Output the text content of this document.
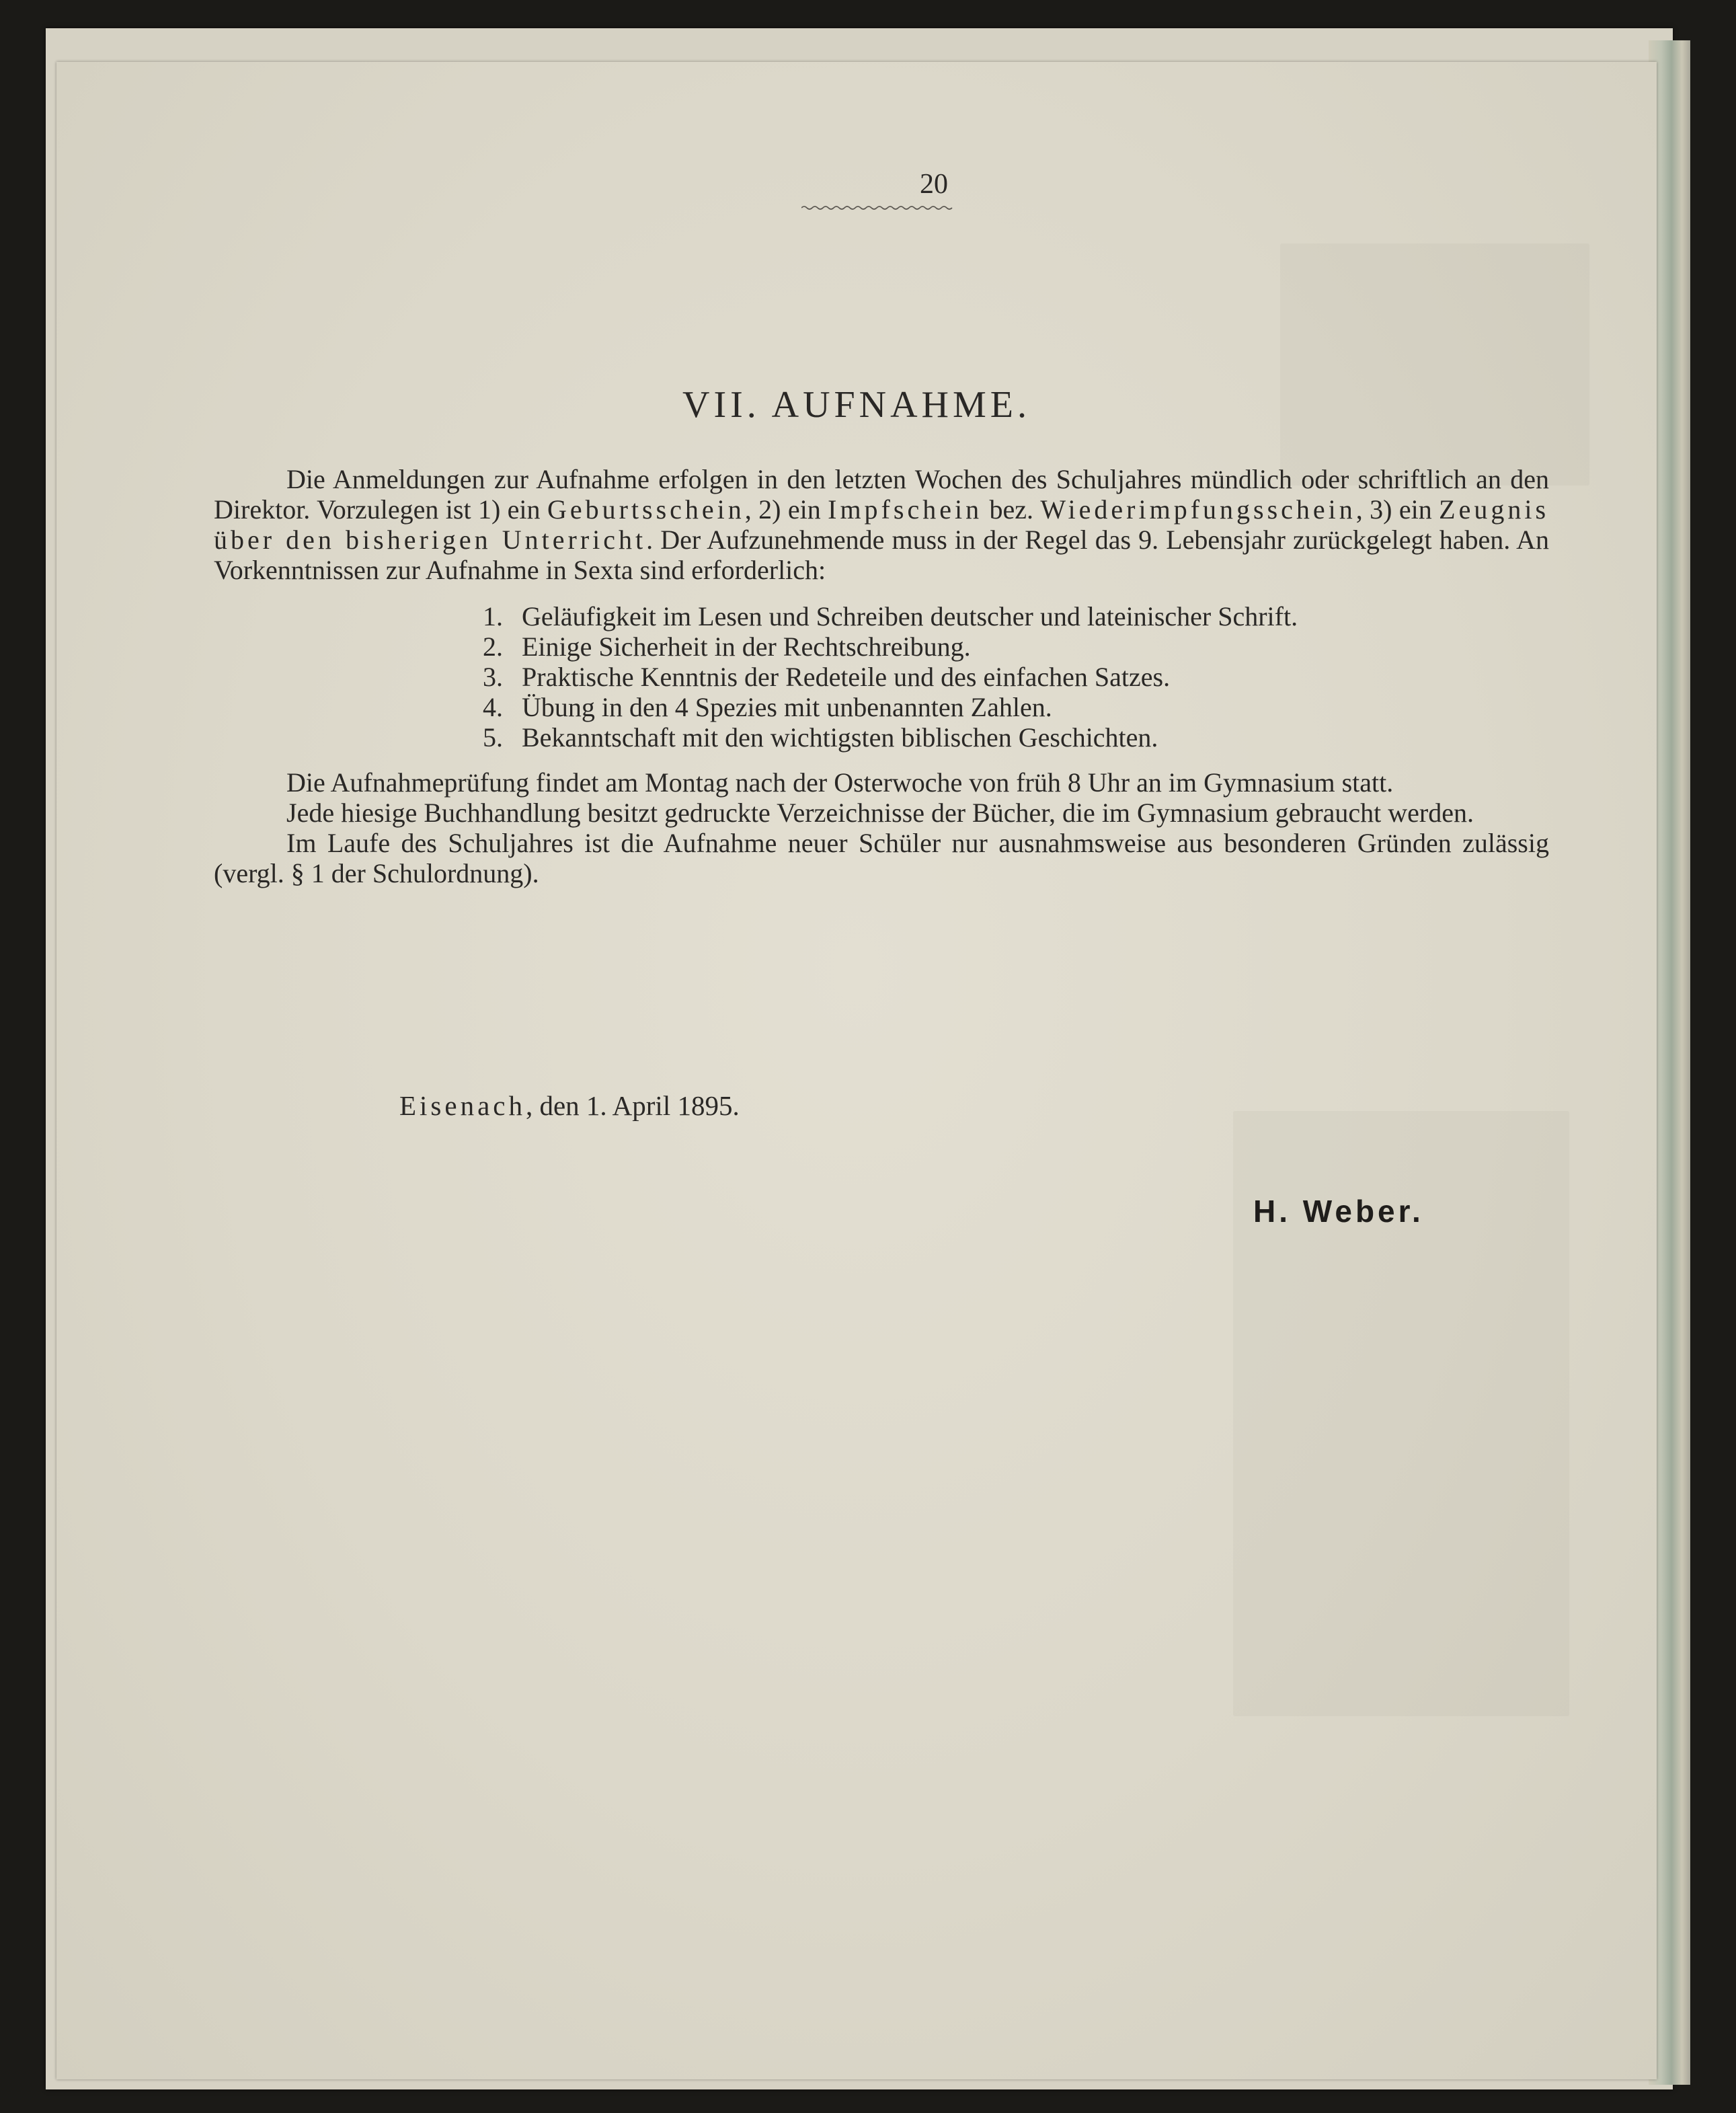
20
VII. AUFNAHME.

Die Anmeldungen zur Aufnahme erfolgen in den letzten Wochen des Schuljahres mündlich oder schriftlich an den Direktor. Vorzulegen ist 1) ein Geburtsschein, 2) ein Impfschein bez. Wiederimpfungsschein, 3) ein Zeugnis über den bisherigen Unterricht. Der Aufzunehmende muss in der Regel das 9. Lebensjahr zurückgelegt haben. An Vorkenntnissen zur Aufnahme in Sexta sind erforderlich:

1. Geläufigkeit im Lesen und Schreiben deutscher und lateinischer Schrift.
2. Einige Sicherheit in der Rechtschreibung.
3. Praktische Kenntnis der Redeteile und des einfachen Satzes.
4. Übung in den 4 Spezies mit unbenannten Zahlen.
5. Bekanntschaft mit den wichtigsten biblischen Geschichten.

Die Aufnahmeprüfung findet am Montag nach der Osterwoche von früh 8 Uhr an im Gymnasium statt.

Jede hiesige Buchhandlung besitzt gedruckte Verzeichnisse der Bücher, die im Gymnasium gebraucht werden.

Im Laufe des Schuljahres ist die Aufnahme neuer Schüler nur ausnahmsweise aus besonderen Gründen zulässig (vergl. § 1 der Schulordnung).

Eisenach, den 1. April 1895.
H. Weber.
